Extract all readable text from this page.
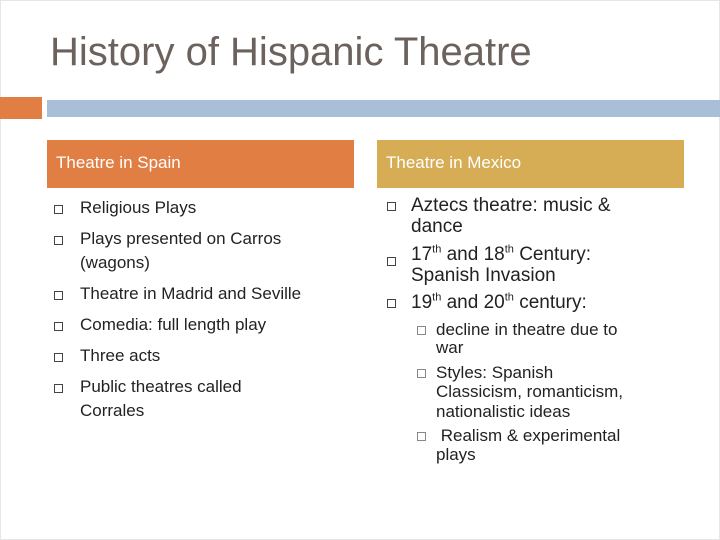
History of Hispanic Theatre
Theatre in Spain
Religious Plays
Plays presented on Carros
(wagons)
Theatre in Madrid and Seville
Comedia: full length play
Three acts
Public theatres called
Corrales
Theatre in Mexico
Aztecs theatre: music &
dance
17th and 18th Century:
Spanish Invasion
19th and 20th century:
decline in theatre due to
war
Styles: Spanish
Classicism, romanticism,
nationalistic ideas
Realism & experimental
plays
